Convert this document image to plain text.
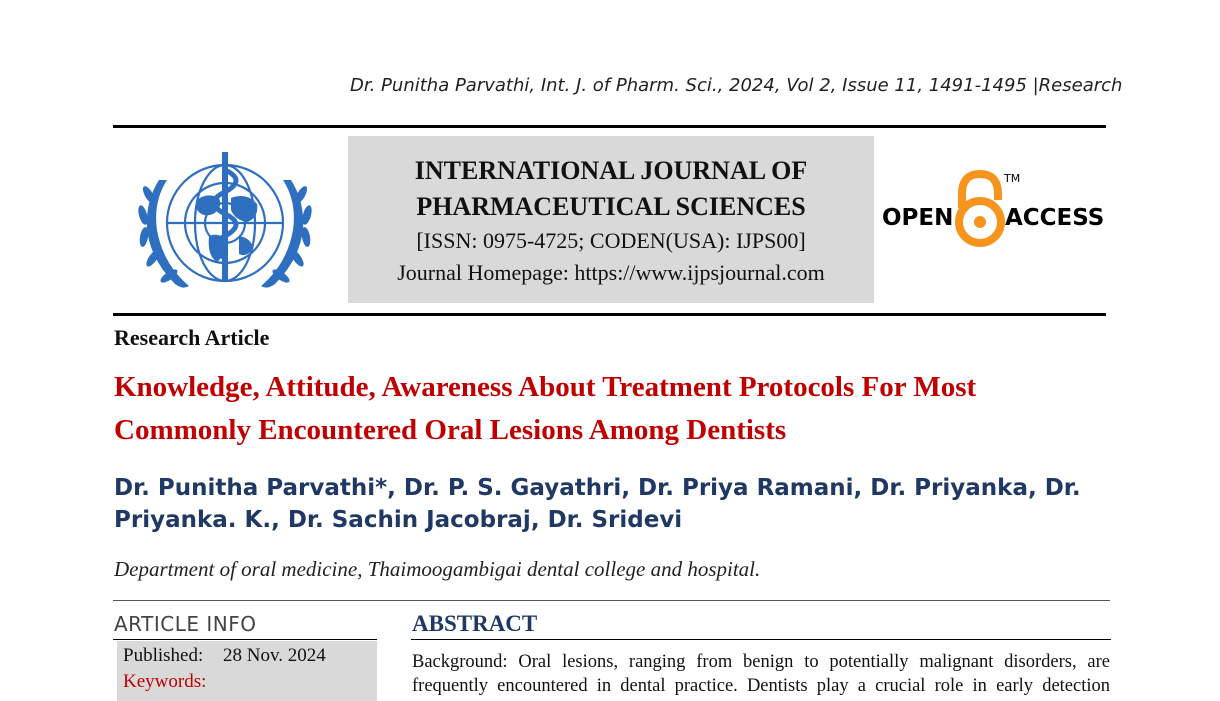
Dr. Punitha Parvathi, Int. J. of Pharm. Sci., 2024, Vol 2, Issue 11, 1491-1495 |Research
INTERNATIONAL JOURNAL OF
PHARMACEUTICAL SCIENCES
[ISSN: 0975-4725; CODEN(USA): IJPS00]
Journal Homepage: https://www.ijpsjournal.com
OPEN ACCESS
TM
Research Article
Knowledge, Attitude, Awareness About Treatment Protocols For Most
Commonly Encountered Oral Lesions Among Dentists
Dr. Punitha Parvathi*, Dr. P. S. Gayathri, Dr. Priya Ramani, Dr. Priyanka, Dr.
Priyanka. K., Dr. Sachin Jacobraj, Dr. Sridevi
Department of oral medicine, Thaimoogambigai dental college and hospital.
ARTICLE INFO
Published: 28 Nov. 2024
Keywords:
ABSTRACT
Background: Oral lesions, ranging from benign to potentially malignant disorders, are
frequently encountered in dental practice. Dentists play a crucial role in early detection
